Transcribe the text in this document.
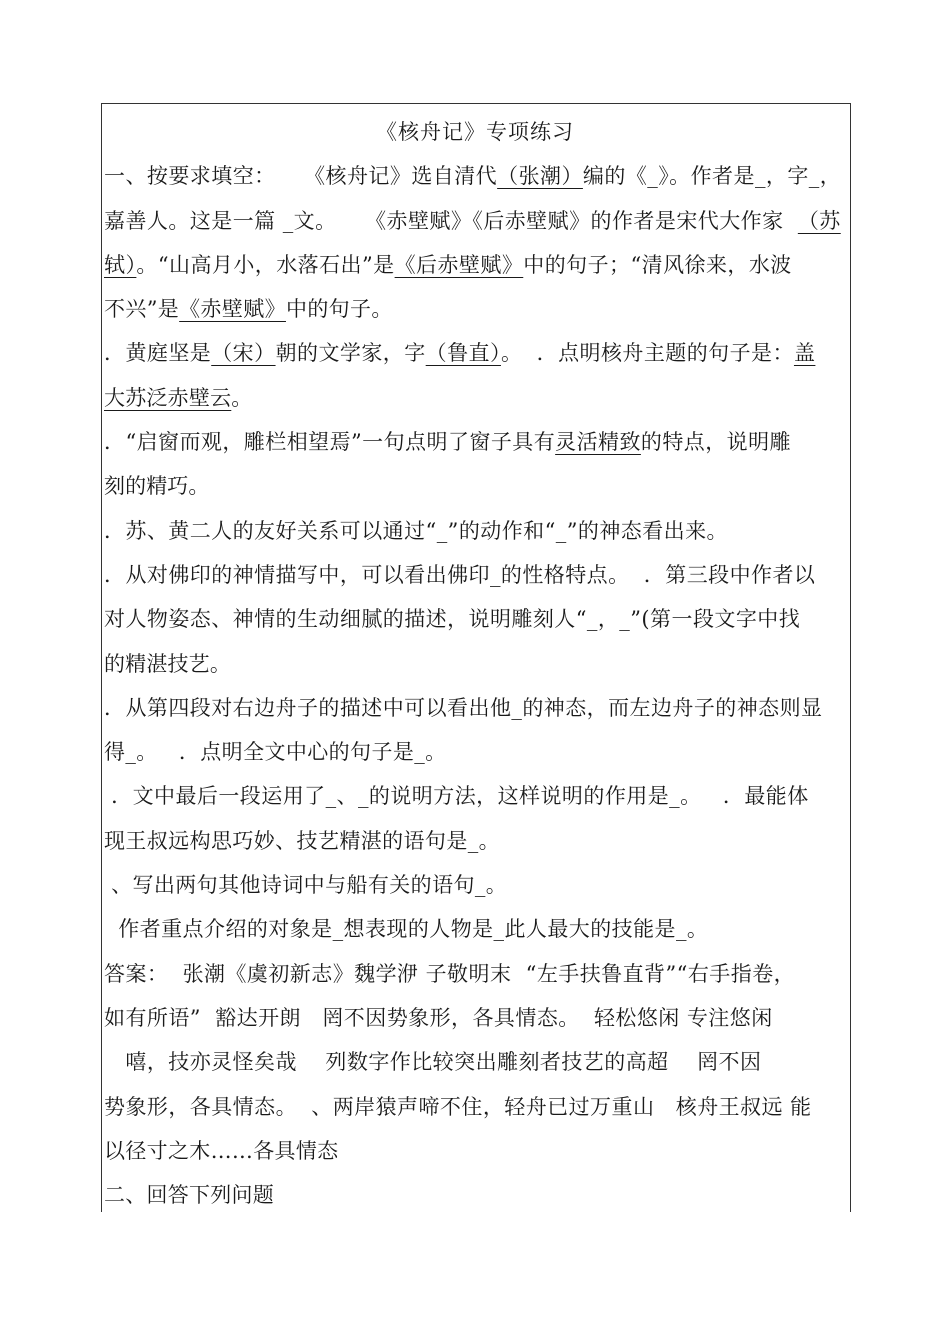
《核舟记》专项练习
一、按要求填空：    《核舟记》选自清代（张潮）编的《_》。作者是_，字_，
嘉善人。这是一篇 _文。    《赤壁赋》《后赤壁赋》的作者是宋代大作家  （苏
轼）。“山高月小，水落石出”是《后赤壁赋》中的句子；“清风徐来，水波
不兴”是《赤壁赋》中的句子。
．黄庭坚是（宋）朝的文学家，字（鲁直）。  ．点明核舟主题的句子是：盖
大苏泛赤壁云。
．“启窗而观，雕栏相望焉”一句点明了窗子具有灵活精致的特点，说明雕
刻的精巧。
．苏、黄二人的友好关系可以通过“_”的动作和“_”的神态看出来。
．从对佛印的神情描写中，可以看出佛印_的性格特点。  ．第三段中作者以
对人物姿态、神情的生动细腻的描述，说明雕刻人“_，_”(第一段文字中找
的精湛技艺。
．从第四段对右边舟子的描述中可以看出他_的神态，而左边舟子的神态则显
得_。   ．点明全文中心的句子是_。
．文中最后一段运用了_、_的说明方法，这样说明的作用是_。   ．最能体
现王叔远构思巧妙、技艺精湛的语句是_。
、写出两句其他诗词中与船有关的语句_。
作者重点介绍的对象是_想表现的人物是_此人最大的技能是_。
答案：  张潮《虞初新志》魏学洢 子敬明末  “左手扶鲁直背”“右手指卷，
如有所语”  豁达开朗   罔不因势象形，各具情态。  轻松悠闲 专注悠闲
嘻，技亦灵怪矣哉    列数字作比较突出雕刻者技艺的高超    罔不因
势象形，各具情态。  、两岸猿声啼不住，轻舟已过万重山   核舟王叔远 能
以径寸之木……各具情态
二、回答下列问题
